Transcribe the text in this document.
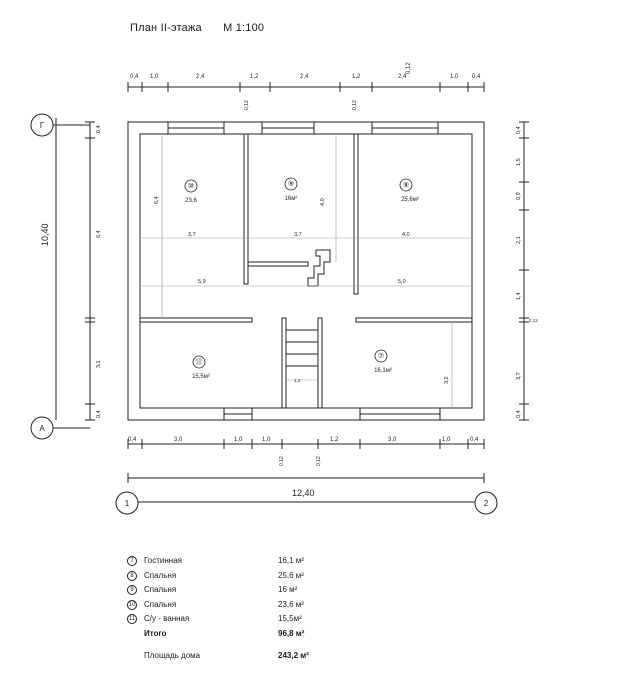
План II-этажа М 1:100
0,4 1,0	2,4	1,2	2,4	1,2	2,4	1,0 0,4
0,12
0,12	0,12
0,4	3,0	1,0	1,0	1,2	3,0	1,0	0,4
0,12	0,12
12,40
Г
А
1	2
10,40
0,4
6,4
3,1
0,4
0,4
1,5
0,9
2,1
1,4
3,7
0,4
0,12
⑩
23,6
⑨
16м²
⑧
25,6м²
⑪
15,5м²
⑦
16,1м²
3,7	3,7	4,0
5,9	5,0
6,4	4,0
3,2
1,2
7	Гостинная	16,1 м²
8	Спальня	25,6 м²
9	Спальня	16 м²
10 Спальня	23,6 м²
11 С/у - ванная	15,5м²
Итого	96,8 м²
Площадь дома	243,2 м²
